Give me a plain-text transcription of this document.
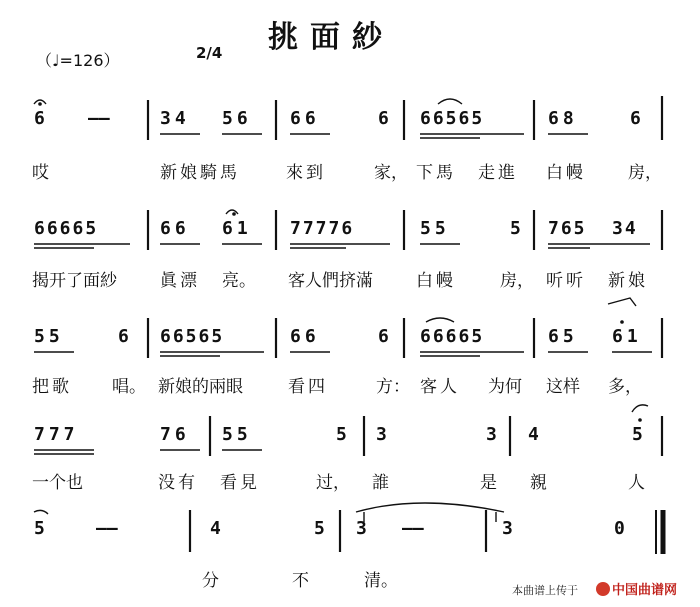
挑面紗
（♩=126）	2/4
6 ——	34 56 66	6 66565	68	6
哎	新娘騎馬	來到	家， 下馬 走進 白幔 房，
66665	66 61 77776	55	5 765 34
揭开了面紗	眞漂 亮。 客人們挤滿	白幔	房， 听听 新娘
55	6 66565	66	6 66665	65 61
把歌 唱。 新娘的兩眼	看四	方： 客人 为何 这样 多，
777	76 55	5 3	3 4	5
一个也	没有 看見	过， 誰	是 親	人
5	——	4	5 3 ——	3	0
分	不	清。	本曲谱上传于	中国曲谱网
